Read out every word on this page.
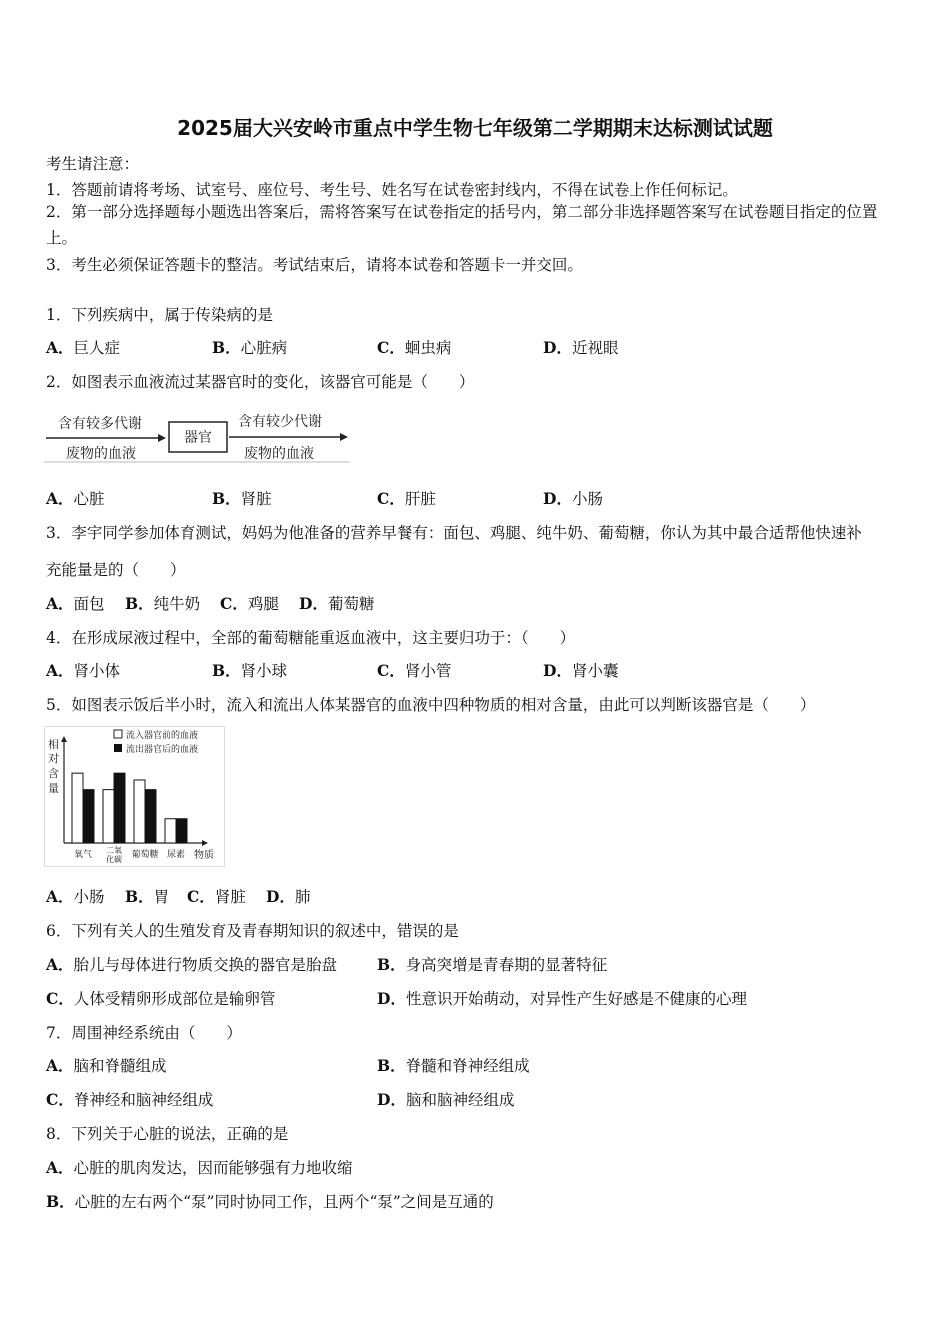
2025届大兴安岭市重点中学生物七年级第二学期期末达标测试试题
考生请注意：
1．答题前请将考场、试室号、座位号、考生号、姓名写在试卷密封线内，不得在试卷上作任何标记。
2．第一部分选择题每小题选出答案后，需将答案写在试卷指定的括号内，第二部分非选择题答案写在试卷题目指定的位置上。
3．考生必须保证答题卡的整洁。考试结束后，请将本试卷和答题卡一并交回。
1．下列疾病中，属于传染病的是
A．巨人症	B．心脏病	C．蛔虫病	D．近视眼
2．如图表示血液流过某器官时的变化，该器官可能是（　　）
含有较多代谢
废物的血液
器官
含有较少代谢
废物的血液
A．心脏	B．肾脏	C．肝脏	D．小肠
3．李宇同学参加体育测试，妈妈为他准备的营养早餐有：面包、鸡腿、纯牛奶、葡萄糖，你认为其中最合适帮他快速补
充能量是的（　　）
A．面包 B．纯牛奶 C．鸡腿 D．葡萄糖
4．在形成尿液过程中，全部的葡萄糖能重返血液中，这主要归功于：（　　）
A．肾小体	B．肾小球	C．肾小管	D．肾小囊
5．如图表示饭后半小时，流入和流出人体某器官的血液中四种物质的相对含量，由此可以判断该器官是（　　）
相
对
含
量
流入器官前的血液
流出器官后的血液
氧气 二氧化碳 葡萄糖 尿素 物质
A．小肠 B．胃 C．肾脏 D．肺
6．下列有关人的生殖发育及青春期知识的叙述中，错误的是
A．胎儿与母体进行物质交换的器官是胎盘	B．身高突增是青春期的显著特征
C．人体受精卵形成部位是输卵管	D．性意识开始萌动，对异性产生好感是不健康的心理
7．周围神经系统由（　　）
A．脑和脊髓组成	B．脊髓和脊神经组成
C．脊神经和脑神经组成	D．脑和脑神经组成
8．下列关于心脏的说法，正确的是
A．心脏的肌肉发达，因而能够强有力地收缩
B．心脏的左右两个“泵”同时协同工作，且两个“泵”之间是互通的
